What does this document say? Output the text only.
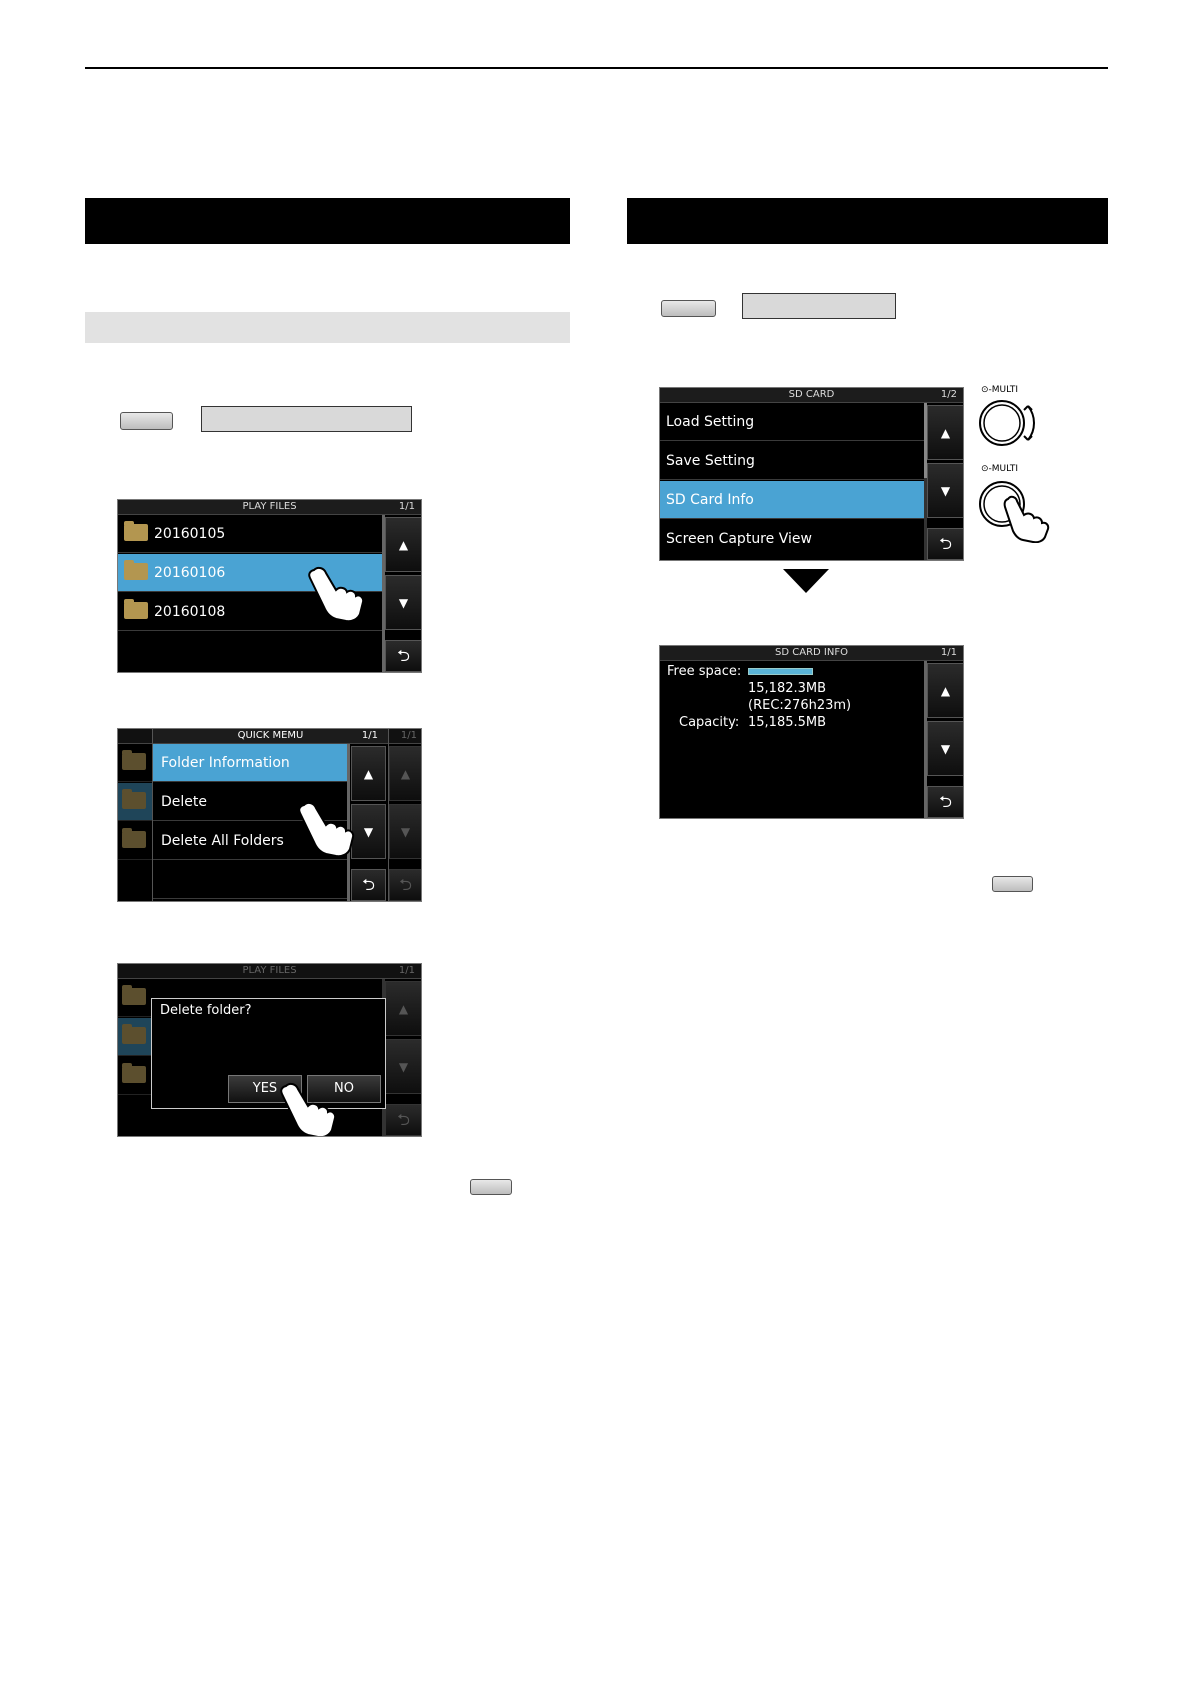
PLAY FILES	1/1
20160105
20160106
20160108
▲
▼
⮌
1/1
▲
▼
⮌
QUICK MEMU	1/1
Folder Information
Delete
Delete All Folders
▲
▼
⮌
PLAY FILES	1/1
▲
▼
⮌
Delete folder?
YES	NO
SD CARD	1/2
Load Setting
Save Setting
SD Card Info
Screen Capture View
▲
▼
⮌
⊙-MULTI
⊙-MULTI
SD CARD INFO	1/1
Free space:
15,182.3MB
(REC:276h23m)
Capacity: 15,185.5MB
▲
▼
⮌
